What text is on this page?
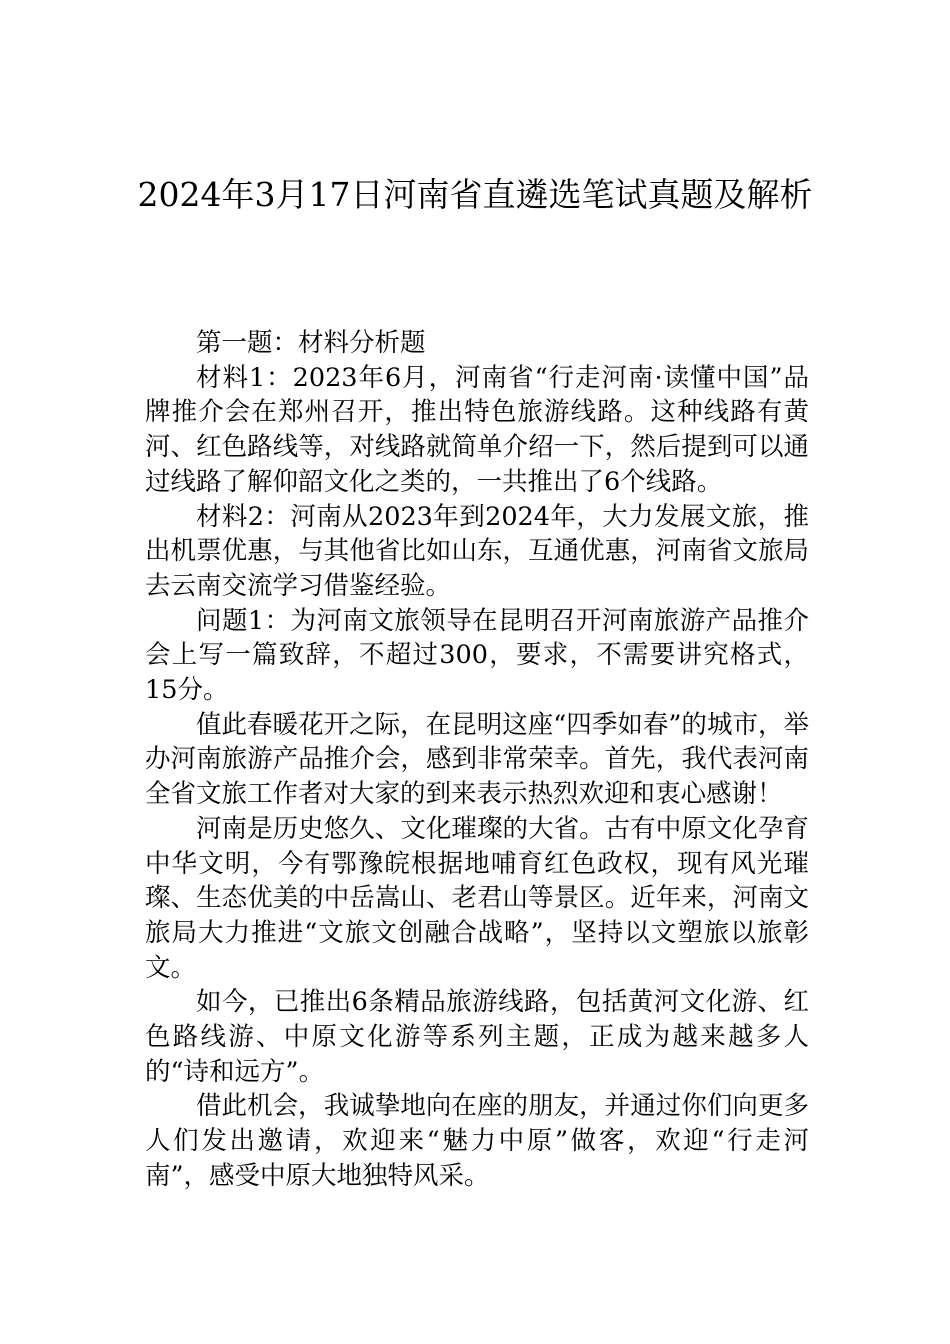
2024年3月17日河南省直遴选笔试真题及解析

第一题：材料分析题

材料1：2023年6月，河南省“行走河南·读懂中国”品牌推介会在郑州召开，推出特色旅游线路。这种线路有黄河、红色路线等，对线路就简单介绍一下，然后提到可以通过线路了解仰韶文化之类的，一共推出了6个线路。

材料2：河南从2023年到2024年，大力发展文旅，推出机票优惠，与其他省比如山东，互通优惠，河南省文旅局去云南交流学习借鉴经验。

问题1：为河南文旅领导在昆明召开河南旅游产品推介会上写一篇致辞，不超过300，要求，不需要讲究格式，15分。

值此春暖花开之际，在昆明这座“四季如春”的城市，举办河南旅游产品推介会，感到非常荣幸。首先，我代表河南全省文旅工作者对大家的到来表示热烈欢迎和衷心感谢！

河南是历史悠久、文化璀璨的大省。古有中原文化孕育中华文明，今有鄂豫皖根据地哺育红色政权，现有风光璀璨、生态优美的中岳嵩山、老君山等景区。近年来，河南文旅局大力推进“文旅文创融合战略”，坚持以文塑旅以旅彰文。

如今，已推出6条精品旅游线路，包括黄河文化游、红色路线游、中原文化游等系列主题，正成为越来越多人的“诗和远方”。

借此机会，我诚挚地向在座的朋友，并通过你们向更多人们发出邀请，欢迎来“魅力中原”做客，欢迎“行走河南”，感受中原大地独特风采。
